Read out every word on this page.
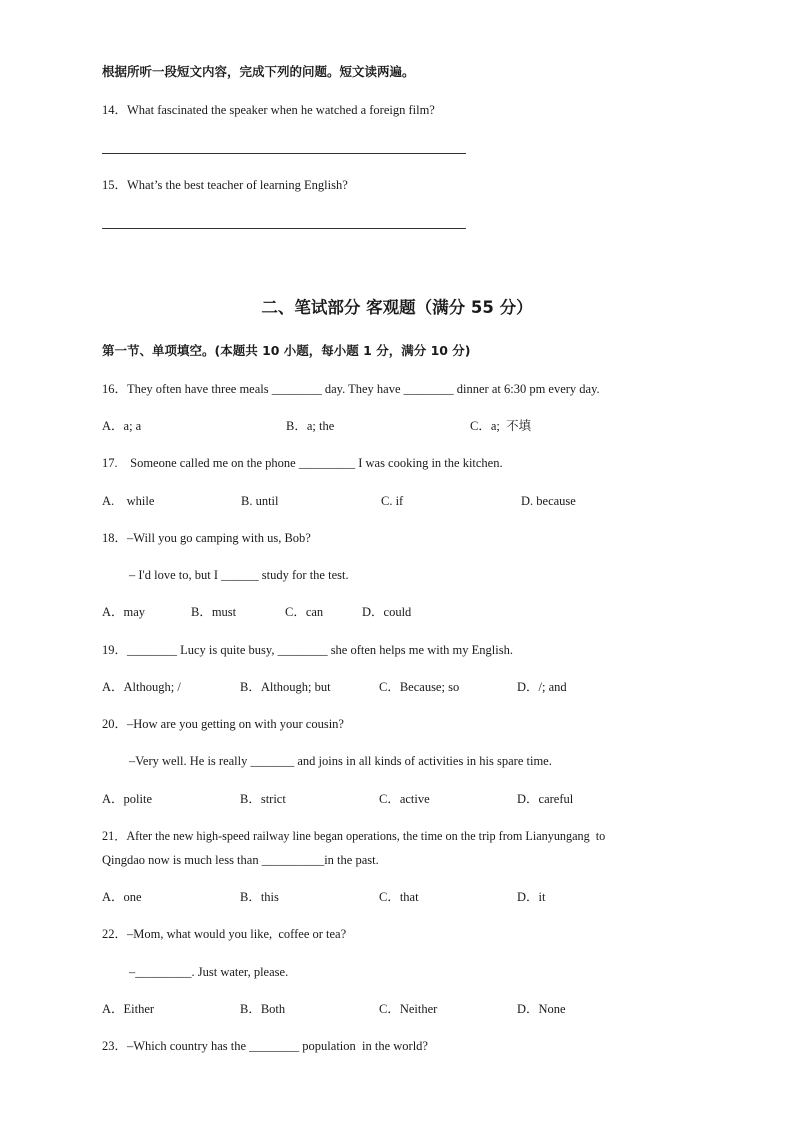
根据所听一段短文内容，完成下列的问题。短文读两遍。
14．What fascinated the speaker when he watched a foreign film?
15．What’s the best teacher of learning English?
二、笔试部分 客观题（满分 55 分）
第一节、单项填空。(本题共 10 小题，每小题 1 分，满分 10 分)
16．They often have three meals ________ day. They have ________ dinner at 6:30 pm every day.
A．a; a	B．a; the	C．a;  不填
17.    Someone called me on the phone _________ I was cooking in the kitchen.
A.    while	B. until	C. if	D. because
18．–Will you go camping with us, Bob?
– I'd love to, but I ______ study for the test.
A．may	B．must	C．can	D．could
19．________ Lucy is quite busy, ________ she often helps me with my English.
A．Although; /	B．Although; but	C．Because; so	D．/; and
20．–How are you getting on with your cousin?
–Very well. He is really _______ and joins in all kinds of activities in his spare time.
A．polite	B．strict	C．active	D．careful
21．After the new high-speed railway line began operations, the time on the trip from Lianyungang  to
Qingdao now is much less than __________in the past.
A．one	B．this	C．that	D．it
22．–Mom, what would you like,  coffee or tea?
–_________. Just water, please.
A．Either	B．Both	C．Neither	D．None
23．–Which country has the ________ population  in the world?
